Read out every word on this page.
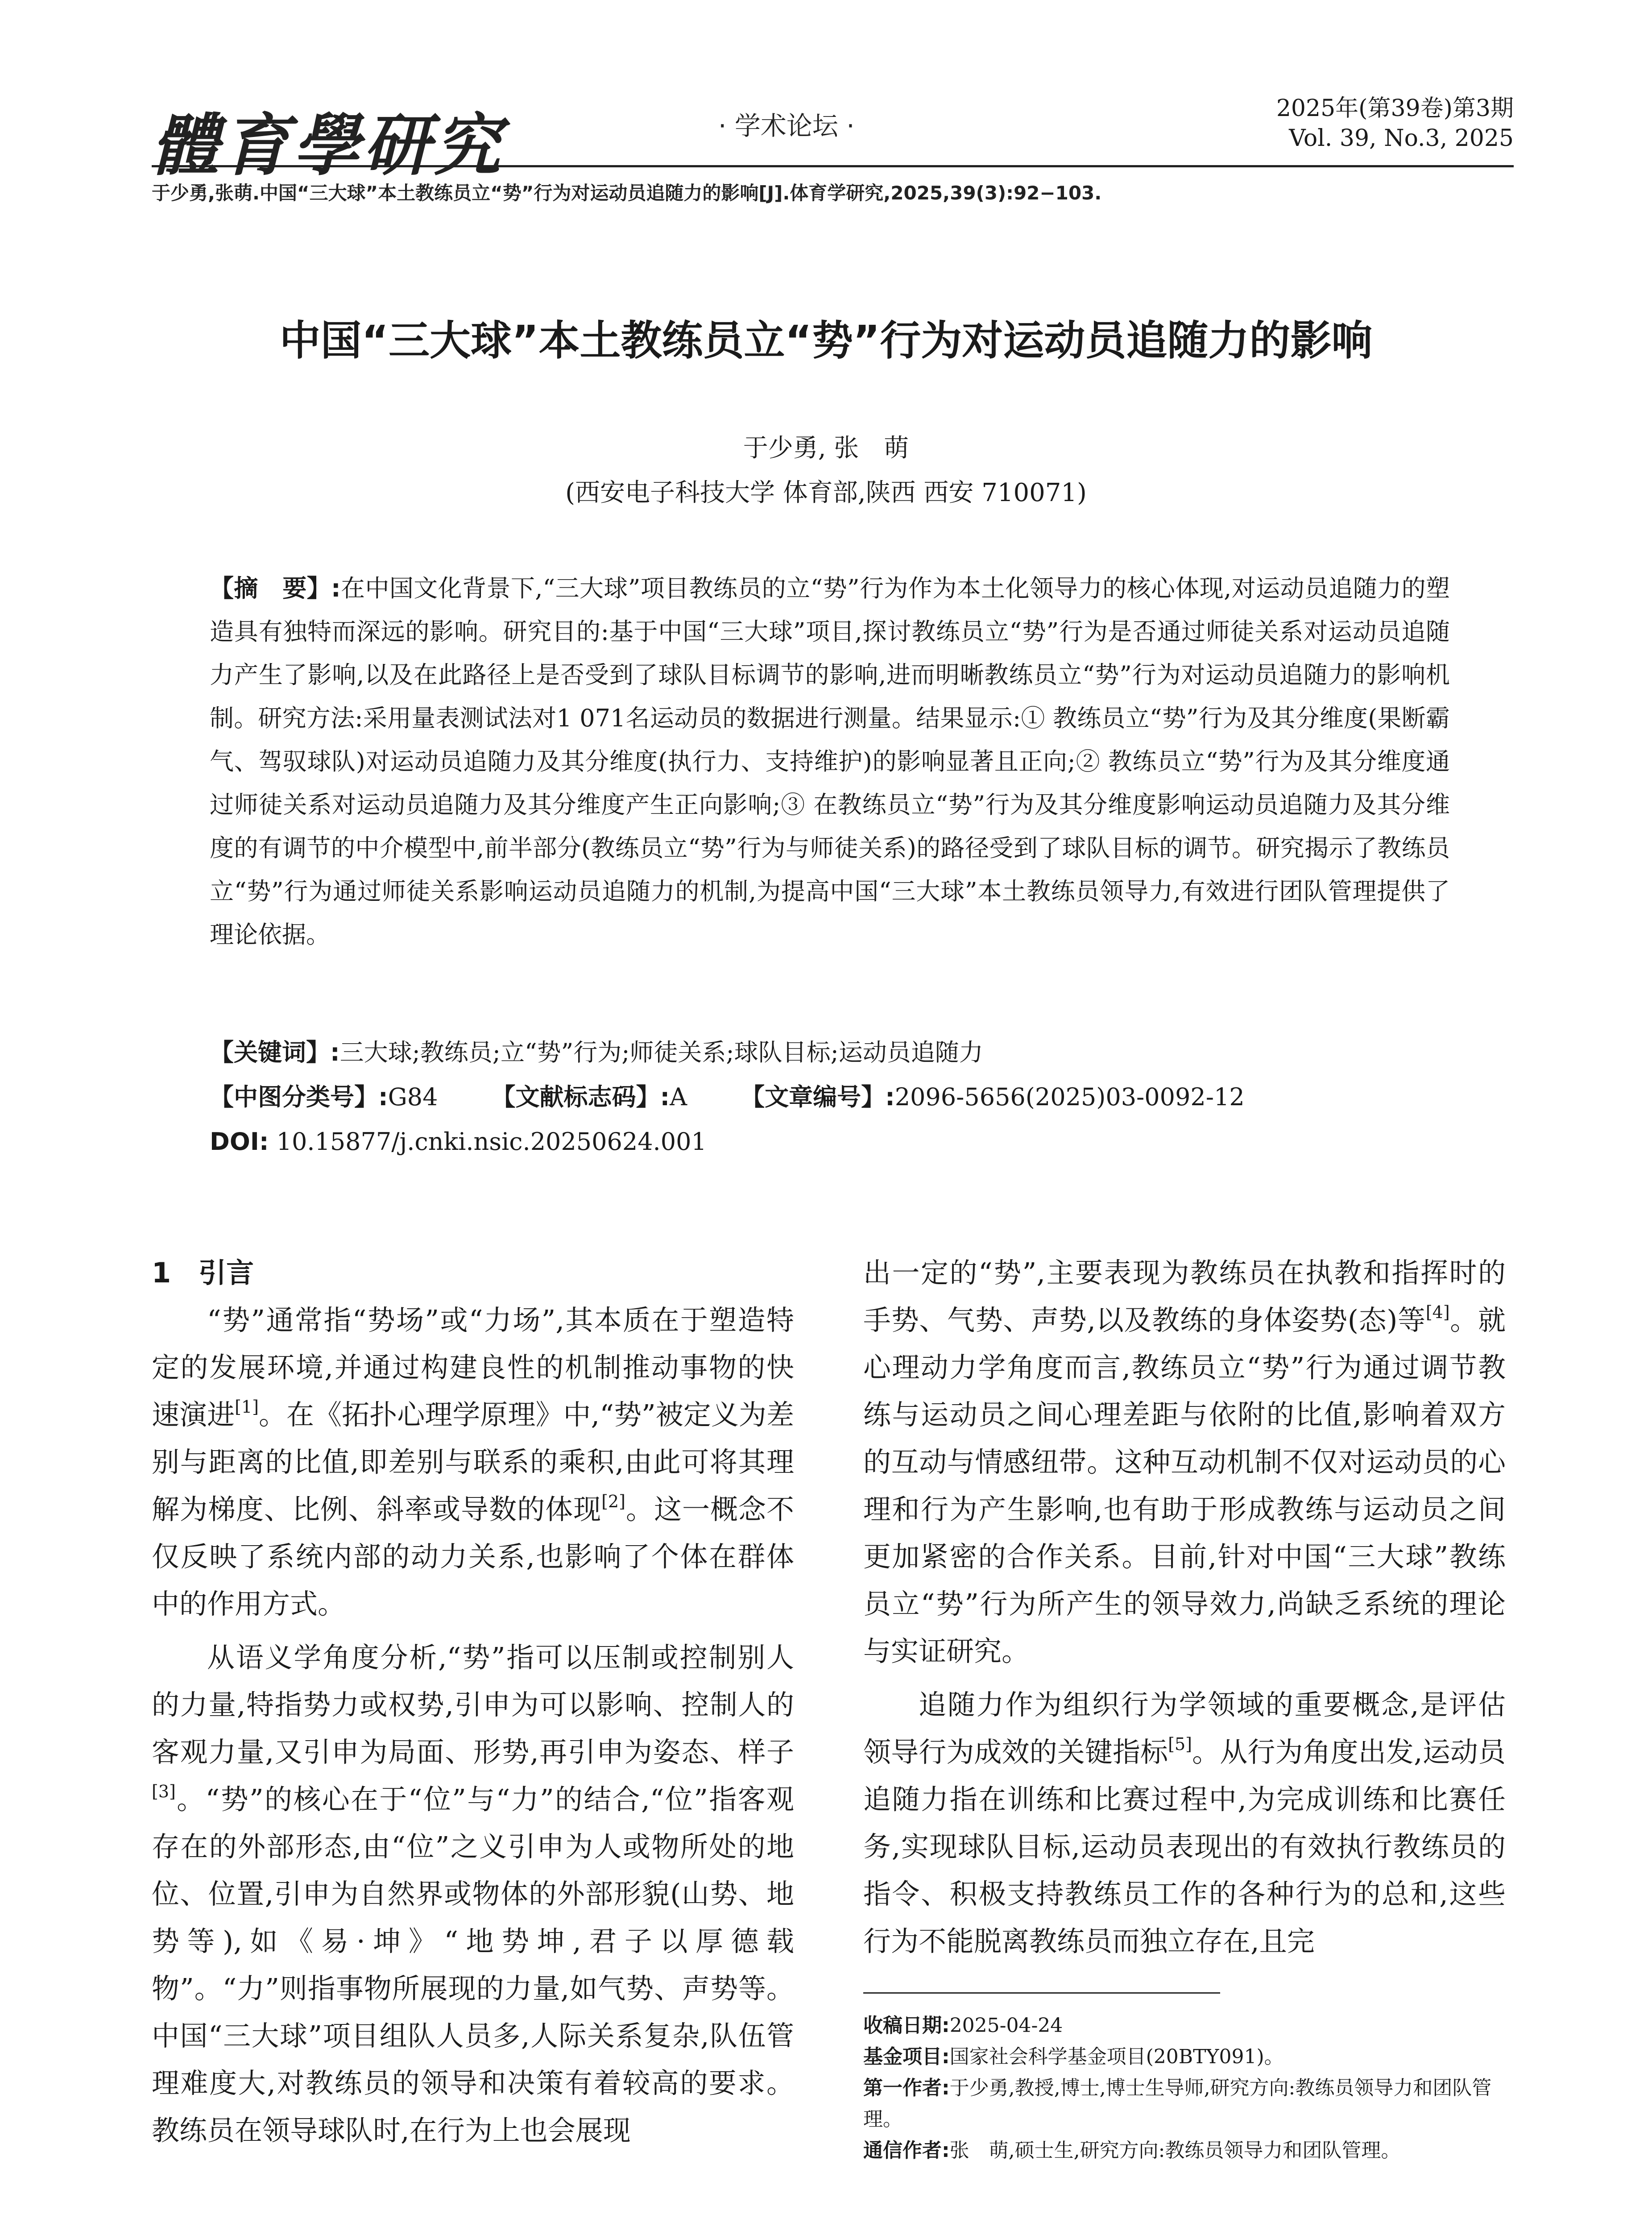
體育學研究	· 学术论坛 ·
2025年(第39卷)第3期
Vol. 39, No.3, 2025
于少勇,张萌.中国“三大球”本土教练员立“势”行为对运动员追随力的影响[J].体育学研究,2025,39(3):92−103.
中国“三大球”本土教练员立“势”行为对运动员追随力的影响
于少勇, 张　萌
(西安电子科技大学 体育部,陕西 西安 710071)
【摘　要】:在中国文化背景下,“三大球”项目教练员的立“势”行为作为本土化领导力的核心体现,对运动员追随力的塑造具有独特而深远的影响。研究目的:基于中国“三大球”项目,探讨教练员立“势”行为是否通过师徒关系对运动员追随力产生了影响,以及在此路径上是否受到了球队目标调节的影响,进而明晰教练员立“势”行为对运动员追随力的影响机制。研究方法:采用量表测试法对1 071名运动员的数据进行测量。结果显示:① 教练员立“势”行为及其分维度(果断霸气、驾驭球队)对运动员追随力及其分维度(执行力、支持维护)的影响显著且正向;② 教练员立“势”行为及其分维度通过师徒关系对运动员追随力及其分维度产生正向影响;③ 在教练员立“势”行为及其分维度影响运动员追随力及其分维度的有调节的中介模型中,前半部分(教练员立“势”行为与师徒关系)的路径受到了球队目标的调节。研究揭示了教练员立“势”行为通过师徒关系影响运动员追随力的机制,为提高中国“三大球”本土教练员领导力,有效进行团队管理提供了理论依据。
【关键词】:三大球;教练员;立“势”行为;师徒关系;球队目标;运动员追随力
【中图分类号】:G84 【文献标志码】:A 【文章编号】:2096-5656(2025)03-0092-12
DOI: 10.15877/j.cnki.nsic.20250624.001
1　引言

“势”通常指“势场”或“力场”,其本质在于塑造特定的发展环境,并通过构建良性的机制推动事物的快速演进[1]。在《拓扑心理学原理》中,“势”被定义为差别与距离的比值,即差别与联系的乘积,由此可将其理解为梯度、比例、斜率或导数的体现[2]。这一概念不仅反映了系统内部的动力关系,也影响了个体在群体中的作用方式。

从语义学角度分析,“势”指可以压制或控制别人的力量,特指势力或权势,引申为可以影响、控制人的客观力量,又引申为局面、形势,再引申为姿态、样子[3]。“势”的核心在于“位”与“力”的结合,“位”指客观存在的外部形态,由“位”之义引申为人或物所处的地位、位置,引申为自然界或物体的外部形貌(山势、地势等),如《易·坤》“地势坤,君子以厚德载物”。“力”则指事物所展现的力量,如气势、声势等。中国“三大球”项目组队人员多,人际关系复杂,队伍管理难度大,对教练员的领导和决策有着较高的要求。教练员在领导球队时,在行为上也会展现

出一定的“势”,主要表现为教练员在执教和指挥时的手势、气势、声势,以及教练的身体姿势(态)等[4]。就心理动力学角度而言,教练员立“势”行为通过调节教练与运动员之间心理差距与依附的比值,影响着双方的互动与情感纽带。这种互动机制不仅对运动员的心理和行为产生影响,也有助于形成教练与运动员之间更加紧密的合作关系。目前,针对中国“三大球”教练员立“势”行为所产生的领导效力,尚缺乏系统的理论与实证研究。

追随力作为组织行为学领域的重要概念,是评估领导行为成效的关键指标[5]。从行为角度出发,运动员追随力指在训练和比赛过程中,为完成训练和比赛任务,实现球队目标,运动员表现出的有效执行教练员的指令、积极支持教练员工作的各种行为的总和,这些行为不能脱离教练员而独立存在,且完

收稿日期:2025-04-24
基金项目:国家社会科学基金项目(20BTY091)。
第一作者:于少勇,教授,博士,博士生导师,研究方向:教练员领导力和团队管理。
通信作者:张　萌,硕士生,研究方向:教练员领导力和团队管理。
